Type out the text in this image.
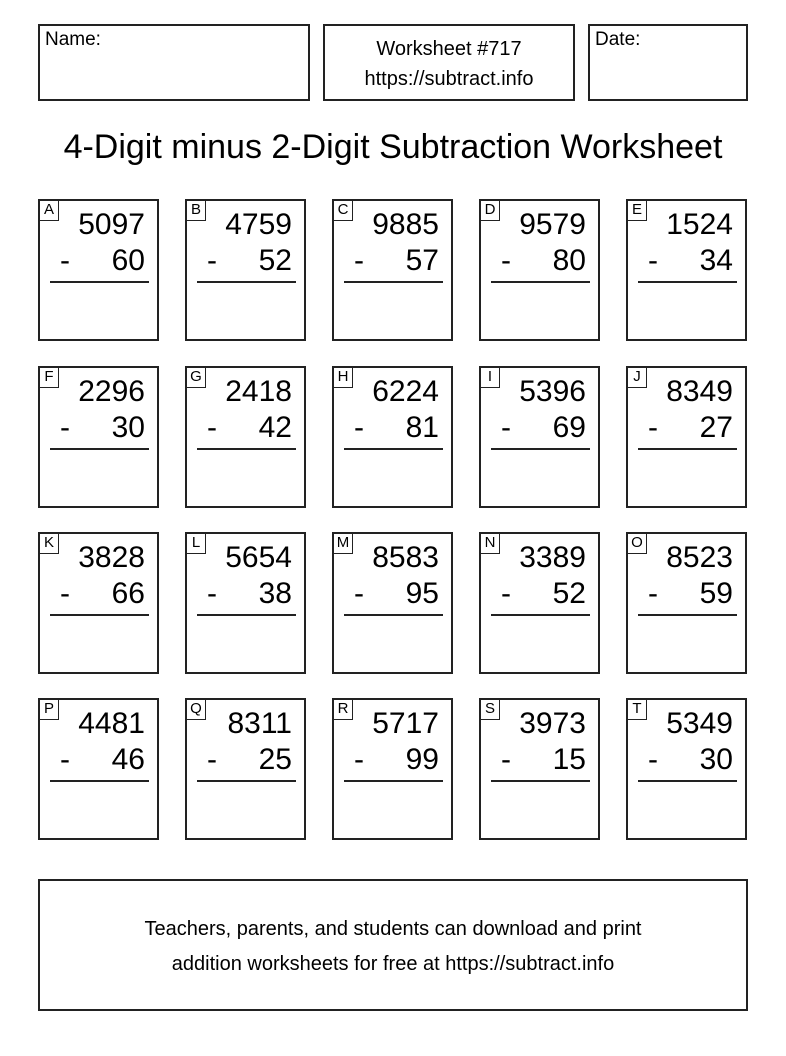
Name:	Worksheet #717
https://subtract.info
Date:
4-Digit minus 2-Digit Subtraction Worksheet
A 5097
- 60
B 4759
- 52
C 9885
- 57
D 9579
- 80
E 1524
- 34
F 2296
- 30
G 2418
- 42
H 6224
- 81
I 5396
- 69
J 8349
- 27
K 3828
- 66
L 5654
- 38
M 8583
- 95
N 3389
- 52
O 8523
- 59
P 4481
- 46
Q 8311
- 25
R 5717
- 99
S 3973
- 15
T 5349
- 30
Teachers, parents, and students can download and print
addition worksheets for free at https://subtract.info
